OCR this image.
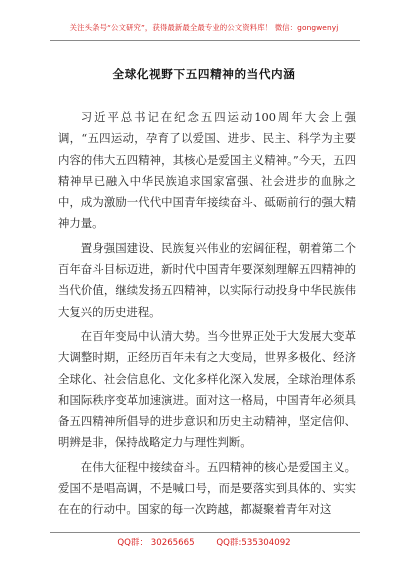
关注头条号“公文研究”，获得最新最全最专业的公文资料库！ 微信：gongwenyj
全球化视野下五四精神的当代内涵

习近平总书记在纪念五四运动100周年大会上强调，“五四运动，孕育了以爱国、进步、民主、科学为主要内容的伟大五四精神，其核心是爱国主义精神。”今天，五四精神早已融入中华民族追求国家富强、社会进步的血脉之中，成为激励一代代中国青年接续奋斗、砥砺前行的强大精神力量。

置身强国建设、民族复兴伟业的宏阔征程，朝着第二个百年奋斗目标迈进，新时代中国青年要深刻理解五四精神的当代价值，继续发扬五四精神，以实际行动投身中华民族伟大复兴的历史进程。

在百年变局中认清大势。当今世界正处于大发展大变革大调整时期，正经历百年未有之大变局，世界多极化、经济全球化、社会信息化、文化多样化深入发展，全球治理体系和国际秩序变革加速演进。面对这一格局，中国青年必须具备五四精神所倡导的进步意识和历史主动精神，坚定信仰、明辨是非，保持战略定力与理性判断。

在伟大征程中接续奋斗。五四精神的核心是爱国主义。爱国不是唱高调，不是喊口号，而是要落实到具体的、实实在在的行动中。国家的每一次跨越，都凝聚着青年对这

QQ群： 30265665        QQ群:535304092
